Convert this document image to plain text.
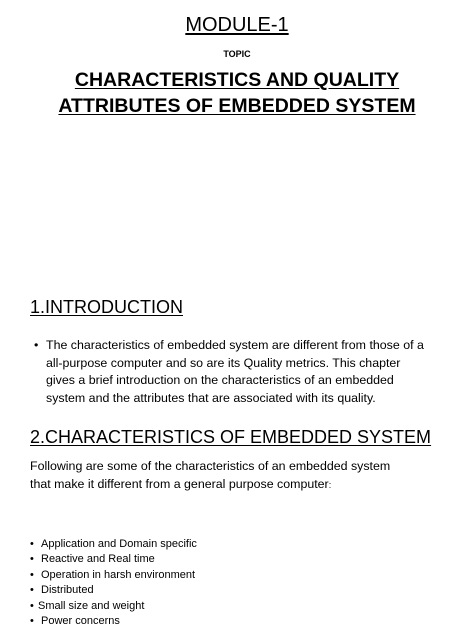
MODULE-1
TOPIC
CHARACTERISTICS AND QUALITY
ATTRIBUTES OF EMBEDDED SYSTEM
1.INTRODUCTION
• The characteristics of embedded system are different from those of a
all-purpose computer and so are its Quality metrics. This chapter
gives a brief introduction on the characteristics of an embedded
system and the attributes that are associated with its quality.
2.CHARACTERISTICS OF EMBEDDED SYSTEM
Following are some of the characteristics of an embedded system
that make it different from a general purpose computer:
• Application and Domain specific
• Reactive and Real time
• Operation in harsh environment
• Distributed
• Small size and weight
• Power concerns
